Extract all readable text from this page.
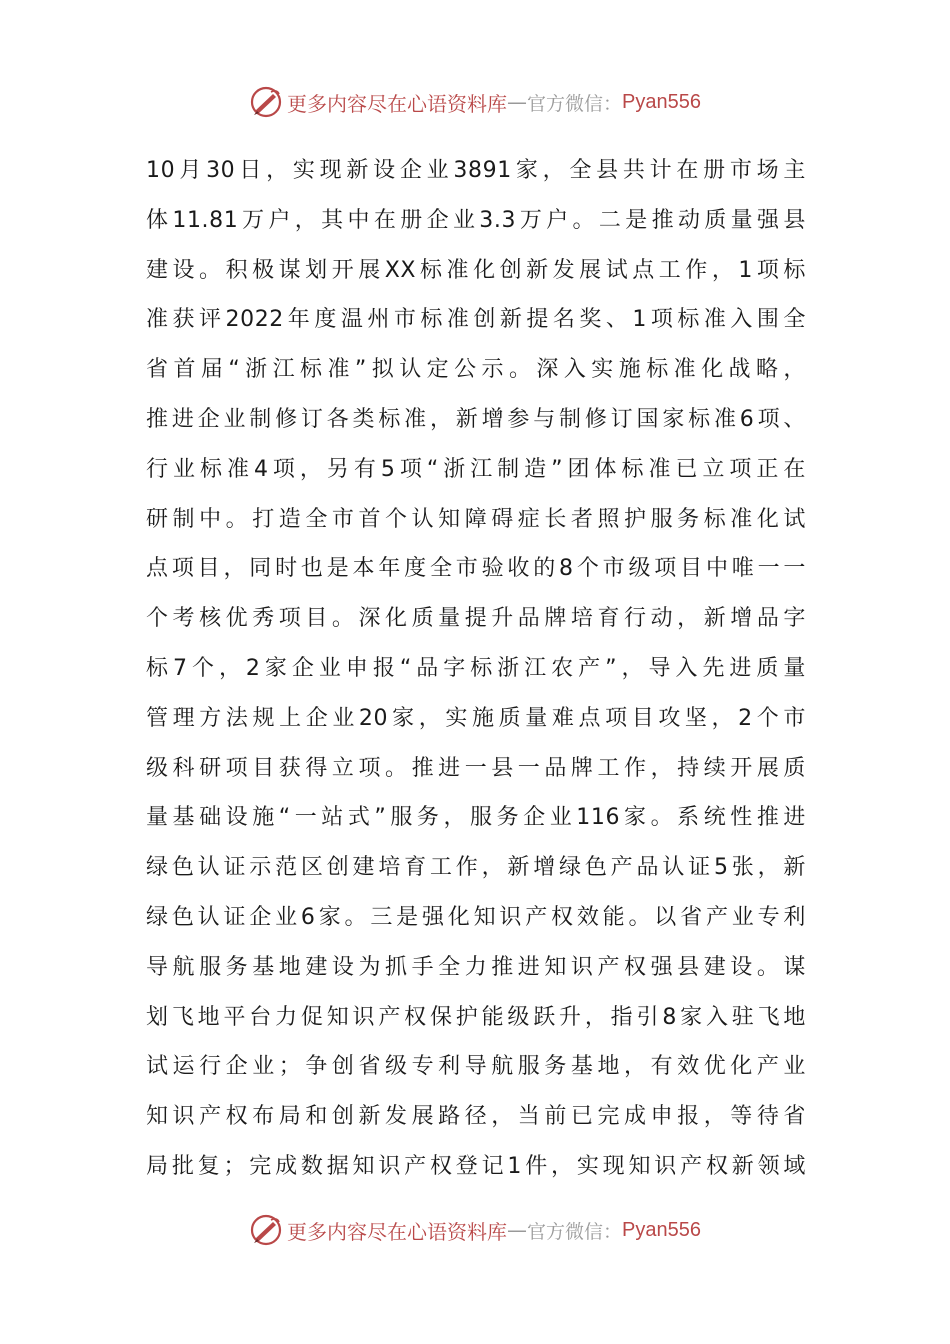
更多内容尽在心语资料库 — 官方微信： Pyan556
10月30日，实现新设企业3891家，全县共计在册市场主
体11.81万户，其中在册企业3.3万户。二是推动质量强县
建设。积极谋划开展XX标准化创新发展试点工作，1项标
准获评2022年度温州市标准创新提名奖、1项标准入围全
省首届“浙江标准”拟认定公示。深入实施标准化战略，
推进企业制修订各类标准，新增参与制修订国家标准6项、
行业标准4项，另有5项“浙江制造”团体标准已立项正在
研制中。打造全市首个认知障碍症长者照护服务标准化试
点项目，同时也是本年度全市验收的8个市级项目中唯一一
个考核优秀项目。深化质量提升品牌培育行动，新增品字
标7个，2家企业申报“品字标浙江农产”，导入先进质量
管理方法规上企业20家，实施质量难点项目攻坚，2个市
级科研项目获得立项。推进一县一品牌工作，持续开展质
量基础设施“一站式”服务，服务企业116家。系统性推进
绿色认证示范区创建培育工作，新增绿色产品认证5张，新
绿色认证企业6家。三是强化知识产权效能。以省产业专利
导航服务基地建设为抓手全力推进知识产权强县建设。谋
划飞地平台力促知识产权保护能级跃升，指引8家入驻飞地
试运行企业；争创省级专利导航服务基地，有效优化产业
知识产权布局和创新发展路径，当前已完成申报，等待省
局批复；完成数据知识产权登记1件，实现知识产权新领域
更多内容尽在心语资料库 — 官方微信： Pyan556
